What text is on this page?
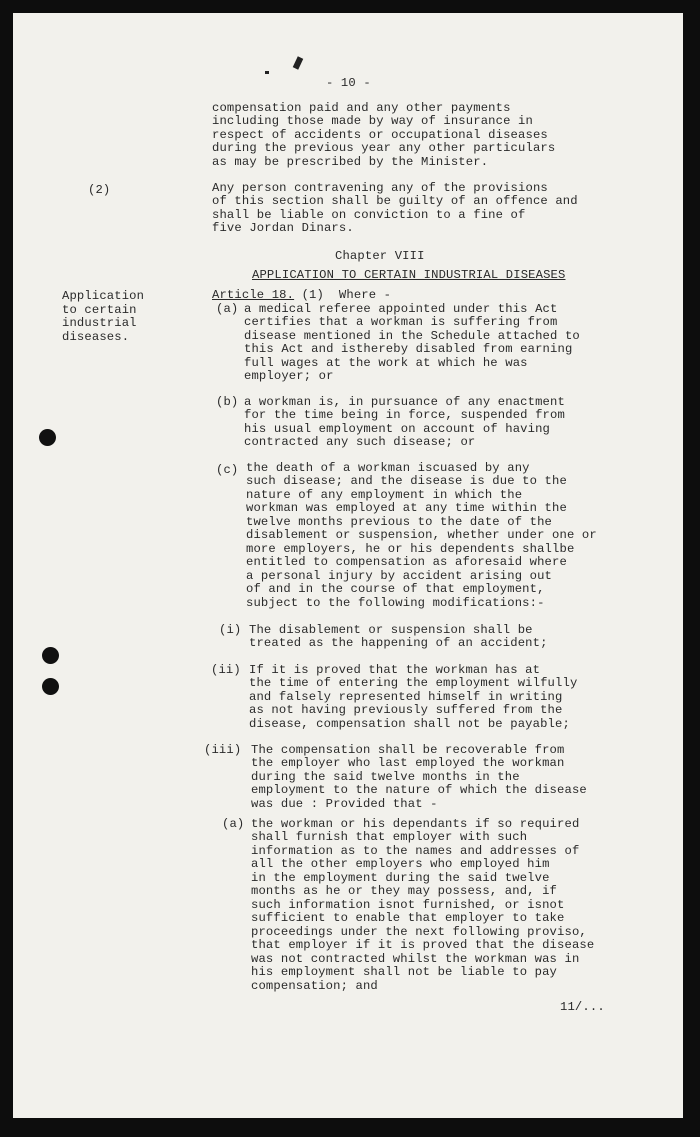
- 10 -
compensation paid and any other payments
including those made by way of insurance in
respect of accidents or occupational diseases
during the previous year any other particulars
as may be prescribed by the Minister.
(2)	Any person contravening any of the provisions
of this section shall be guilty of an offence and
shall be liable on conviction to a fine of
five Jordan Dinars.
Chapter VIII
APPLICATION TO CERTAIN INDUSTRIAL DISEASES
Application
to certain
industrial
diseases.
Article 18. (1)  Where -
(a) a medical referee appointed under this Act
certifies that a workman is suffering from
disease mentioned in the Schedule attached to
this Act and isthereby disabled from earning
full wages at the work at which he was
employer; or
(b) a workman is, in pursuance of any enactment
for the time being in force, suspended from
his usual employment on account of having
contracted any such disease; or
(c) the death of a workman iscuased by any
such disease; and the disease is due to the
nature of any employment in which the
workman was employed at any time within the
twelve months previous to the date of the
disablement or suspension, whether under one or
more employers, he or his dependents shallbe
entitled to compensation as aforesaid where
a personal injury by accident arising out
of and in the course of that employment,
subject to the following modifications:-
(i) The disablement or suspension shall be
treated as the happening of an accident;
(ii) If it is proved that the workman has at
the time of entering the employment wilfully
and falsely represented himself in writing
as not having previously suffered from the
disease, compensation shall not be payable;
(iii) The compensation shall be recoverable from
the employer who last employed the workman
during the said twelve months in the
employment to the nature of which the disease
was due : Provided that -
(a) the workman or his dependants if so required
shall furnish that employer with such
information as to the names and addresses of
all the other employers who employed him
in the employment during the said twelve
months as he or they may possess, and, if
such information isnot furnished, or isnot
sufficient to enable that employer to take
proceedings under the next following proviso,
that employer if it is proved that the disease
was not contracted whilst the workman was in
his employment shall not be liable to pay
compensation; and
11/...
